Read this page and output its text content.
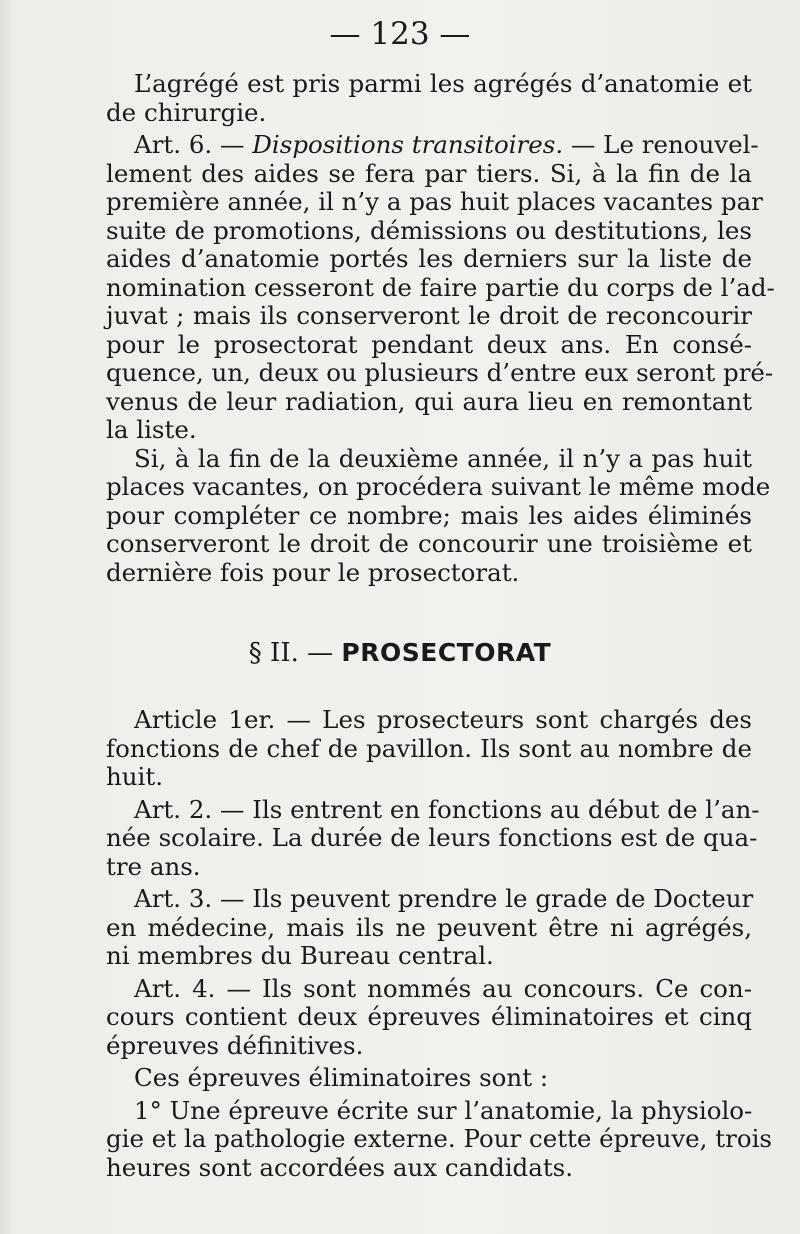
— 123 —
L’agrégé est pris parmi les agrégés d’anatomie et
de chirurgie.
Art. 6. — Dispositions transitoires. — Le renouvel-
lement des aides se fera par tiers. Si, à la fin de la
première année, il n’y a pas huit places vacantes par
suite de promotions, démissions ou destitutions, les
aides d’anatomie portés les derniers sur la liste de
nomination cesseront de faire partie du corps de l’ad-
juvat ; mais ils conserveront le droit de reconcourir
pour le prosectorat pendant deux ans. En consé-
quence, un, deux ou plusieurs d’entre eux seront pré-
venus de leur radiation, qui aura lieu en remontant
la liste.
Si, à la fin de la deuxième année, il n’y a pas huit
places vacantes, on procédera suivant le même mode
pour compléter ce nombre; mais les aides éliminés
conserveront le droit de concourir une troisième et
dernière fois pour le prosectorat.
§ II. — PROSECTORAT
Article 1er. — Les prosecteurs sont chargés des
fonctions de chef de pavillon. Ils sont au nombre de
huit.
Art. 2. — Ils entrent en fonctions au début de l’an-
née scolaire. La durée de leurs fonctions est de qua-
tre ans.
Art. 3. — Ils peuvent prendre le grade de Docteur
en médecine, mais ils ne peuvent être ni agrégés,
ni membres du Bureau central.
Art. 4. — Ils sont nommés au concours. Ce con-
cours contient deux épreuves éliminatoires et cinq
épreuves définitives.
Ces épreuves éliminatoires sont :
1° Une épreuve écrite sur l’anatomie, la physiolo-
gie et la pathologie externe. Pour cette épreuve, trois
heures sont accordées aux candidats.
